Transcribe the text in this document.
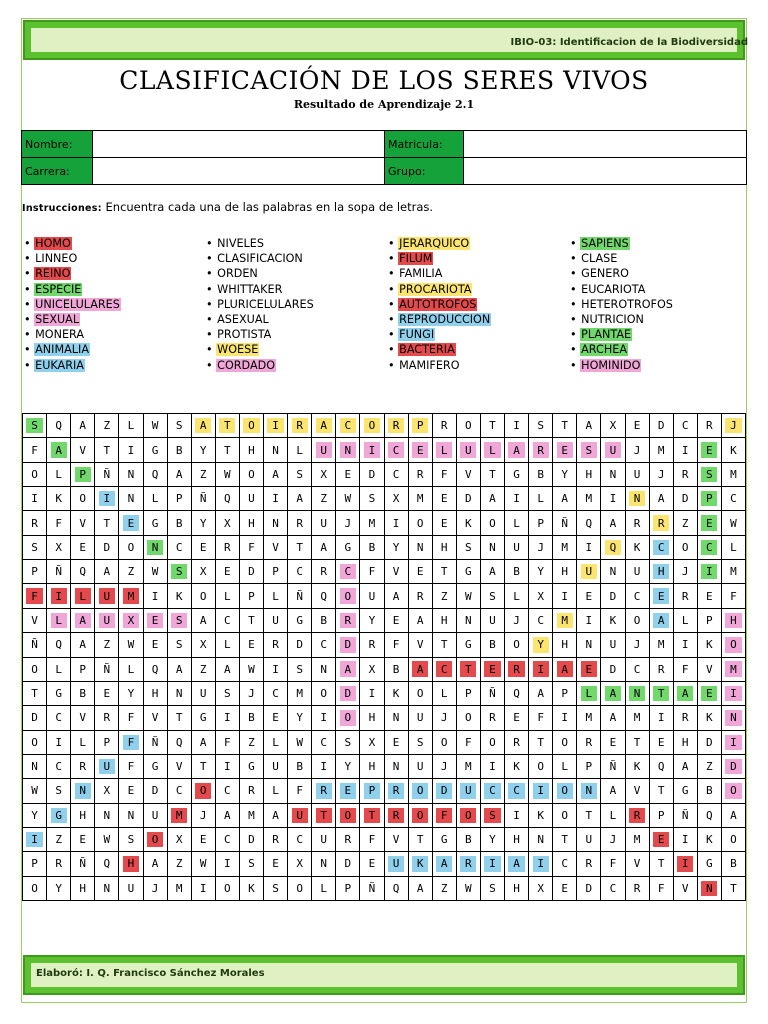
IBIO-03: Identificacion de la Biodiversidad
CLASIFICACIÓN DE LOS SERES VIVOS
Resultado de Aprendizaje 2.1
Nombre:		Matricula:	
Carrera:		Grupo:	
Instrucciones: Encuentra cada una de las palabras en la sopa de letras.
• HOMO
• LINNEO
• REINO
• ESPECIE
• UNICELULARES
• SEXUAL
• MONERA
• ANIMALIA
• EUKARIA
• NIVELES
• CLASIFICACION
• ORDEN
• WHITTAKER
• PLURICELULARES
• ASEXUAL
• PROTISTA
• WOESE
• CORDADO
• JERARQUICO
• FILUM
• FAMILIA
• PROCARIOTA
• AUTOTROFOS
• REPRODUCCION
• FUNGI
• BACTERIA
• MAMIFERO
• SAPIENS
• CLASE
• GENERO
• EUCARIOTA
• HETEROTROFOS
• NUTRICION
• PLANTAE
• ARCHEA
• HOMINIDO
S	Q	A	Z	L	W	S	A	T	O	I	R	A	C	O	R	P	R	O	T	I	S	T	A	X	E	D	C	R	J
F	A	V	T	I	G	B	Y	T	H	N	L	U	N	I	C	E	L	U	L	A	R	E	S	U	J	M	I	E	K
O	L	P	Ñ	N	Q	A	Z	W	O	A	S	X	E	D	C	R	F	V	T	G	B	Y	H	N	U	J	R	S	M
I	K	O	I	N	L	P	Ñ	Q	U	I	A	Z	W	S	X	M	E	D	A	I	L	A	M	I	N	A	D	P	C
R	F	V	T	E	G	B	Y	X	H	N	R	U	J	M	I	O	E	K	O	L	P	Ñ	Q	A	R	R	Z	E	W
S	X	E	D	O	N	C	E	R	F	V	T	A	G	B	Y	N	H	S	N	U	J	M	I	Q	K	C	O	C	L
P	Ñ	Q	A	Z	W	S	X	E	D	P	C	R	C	F	V	E	T	G	A	B	Y	H	U	N	U	H	J	I	M
F	I	L	U	M	I	K	O	L	P	L	Ñ	Q	O	U	A	R	Z	W	S	L	X	I	E	D	C	E	R	E	F
V	L	A	U	X	E	S	A	C	T	U	G	B	R	Y	E	A	H	N	U	J	C	M	I	K	O	A	L	P	H
Ñ	Q	A	Z	W	E	S	X	L	E	R	D	C	D	R	F	V	T	G	B	O	Y	H	N	U	J	M	I	K	O
O	L	P	Ñ	L	Q	A	Z	A	W	I	S	N	A	X	B	A	C	T	E	R	I	A	E	D	C	R	F	V	M
T	G	B	E	Y	H	N	U	S	J	C	M	O	D	I	K	O	L	P	Ñ	Q	A	P	L	A	N	T	A	E	I
D	C	V	R	F	V	T	G	I	B	E	Y	I	O	H	N	U	J	O	R	E	F	I	M	A	M	I	R	K	N
O	I	L	P	F	Ñ	Q	A	F	Z	L	W	C	S	X	E	S	O	F	O	R	T	O	R	E	T	E	H	D	I
N	C	R	U	F	G	V	T	I	G	U	B	I	Y	H	N	U	J	M	I	K	O	L	P	Ñ	K	Q	A	Z	D
W	S	N	X	E	D	C	O	C	R	L	F	R	E	P	R	O	D	U	C	C	I	O	N	A	V	T	G	B	O
Y	G	H	N	N	U	M	J	A	M	A	U	T	O	T	R	O	F	O	S	I	K	O	T	L	R	P	Ñ	Q	A
I	Z	E	W	S	O	X	E	C	D	R	C	U	R	F	V	T	G	B	Y	H	N	T	U	J	M	E	I	K	O
P	R	Ñ	Q	H	A	Z	W	I	S	E	X	N	D	E	U	K	A	R	I	A	I	C	R	F	V	T	I	G	B
O	Y	H	N	U	J	M	I	O	K	S	O	L	P	Ñ	Q	A	Z	W	S	H	X	E	D	C	R	F	V	N	T
Elaboró: I. Q. Francisco Sánchez Morales
